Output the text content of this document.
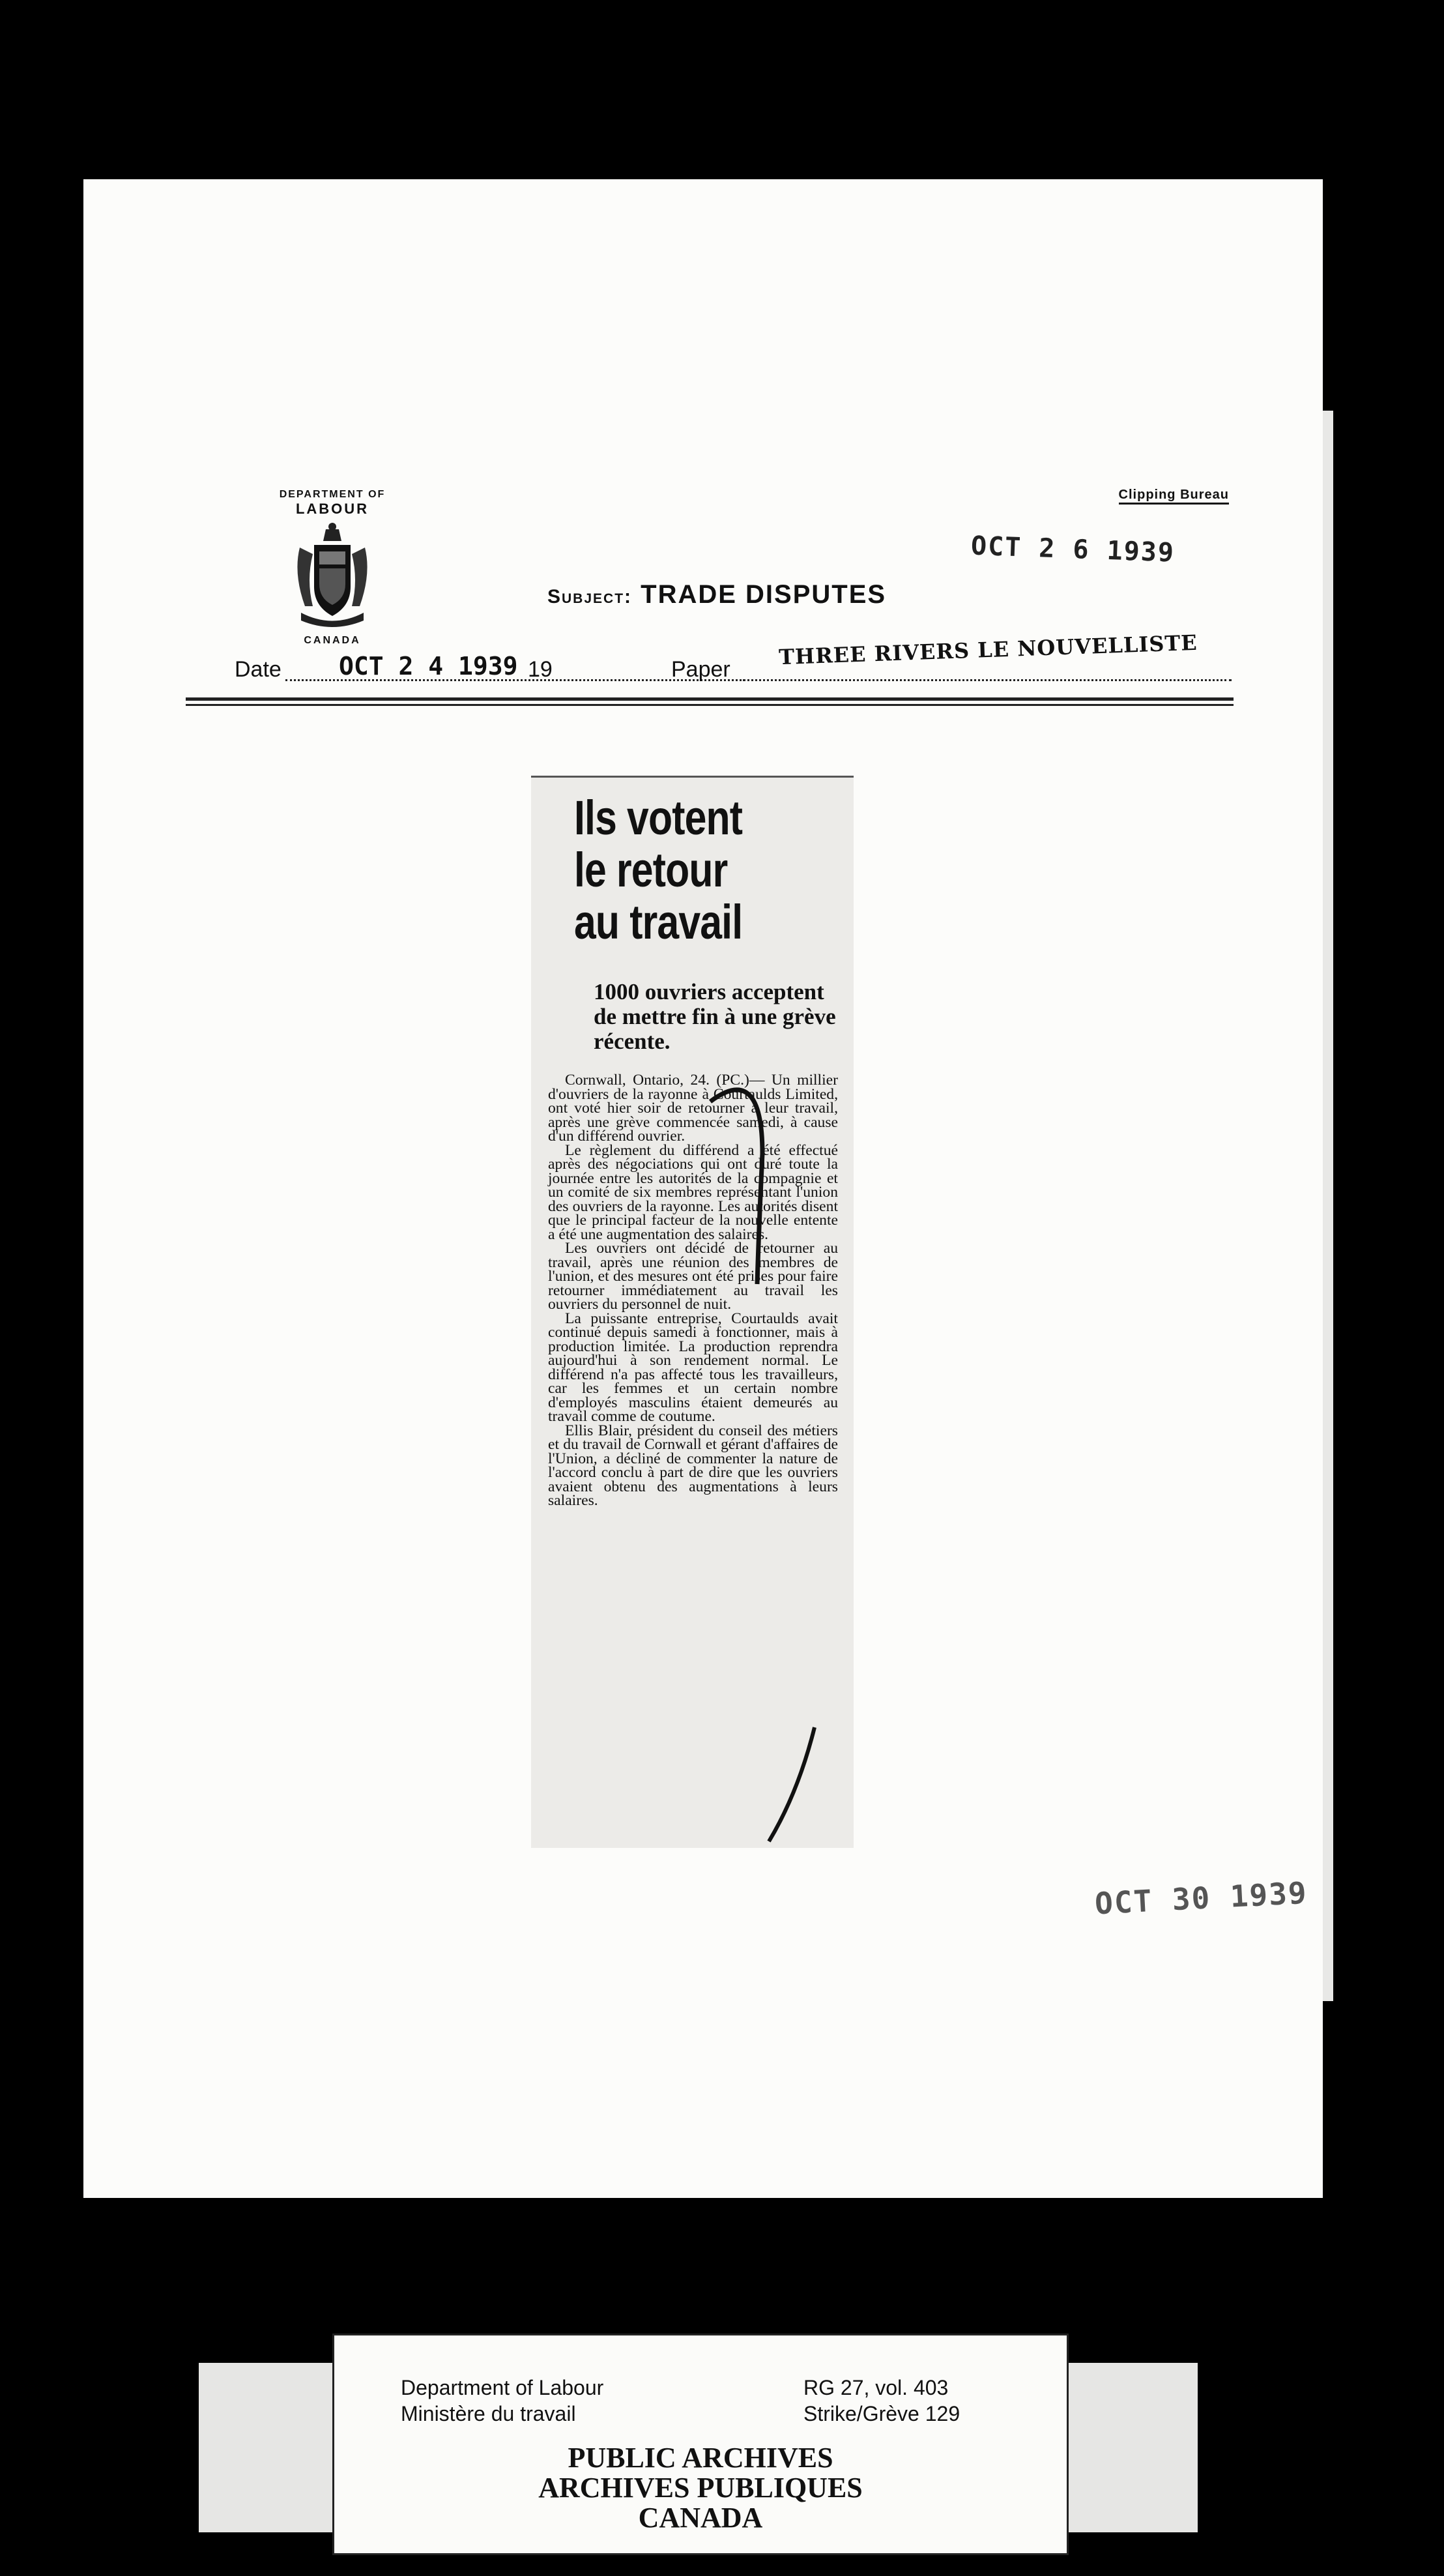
DEPARTMENT OF
LABOUR
CANADA
Clipping Bureau
OCT 2 6 1939
Subject: TRADE DISPUTES
Date OCT 2 4 1939 19	Paper THREE RIVERS LE NOUVELLISTE
Ils votent
le retour
au travail
1000 ouvriers acceptent de mettre fin à une grève récente.

Cornwall, Ontario, 24. (PC.)— Un millier d'ouvriers de la rayonne à Courtaulds Limited, ont voté hier soir de retourner à leur travail, après une grève commencée samedi, à cause d'un différend ouvrier.

Le règlement du différend a été effectué après des négociations qui ont duré toute la journée entre les autorités de la compagnie et un comité de six membres représentant l'union des ouvriers de la rayonne. Les autorités disent que le principal facteur de la nouvelle entente a été une augmentation des salaires.

Les ouvriers ont décidé de retourner au travail, après une réunion des membres de l'union, et des mesures ont été prises pour faire retourner immédiatement au travail les ouvriers du personnel de nuit.

La puissante entreprise, Courtaulds avait continué depuis samedi à fonctionner, mais à production limitée. La production reprendra aujourd'hui à son rendement normal. Le différend n'a pas affecté tous les travailleurs, car les femmes et un certain nombre d'employés masculins étaient demeurés au travail comme de coutume.

Ellis Blair, président du conseil des métiers et du travail de Cornwall et gérant d'affaires de l'Union, a décliné de commenter la nature de l'accord conclu à part de dire que les ouvriers avaient obtenu des augmentations à leurs salaires.

OCT 30 1939
Department of Labour
Ministère du travail
RG 27, vol. 403
Strike/Grève 129
PUBLIC ARCHIVES
ARCHIVES PUBLIQUES
CANADA
